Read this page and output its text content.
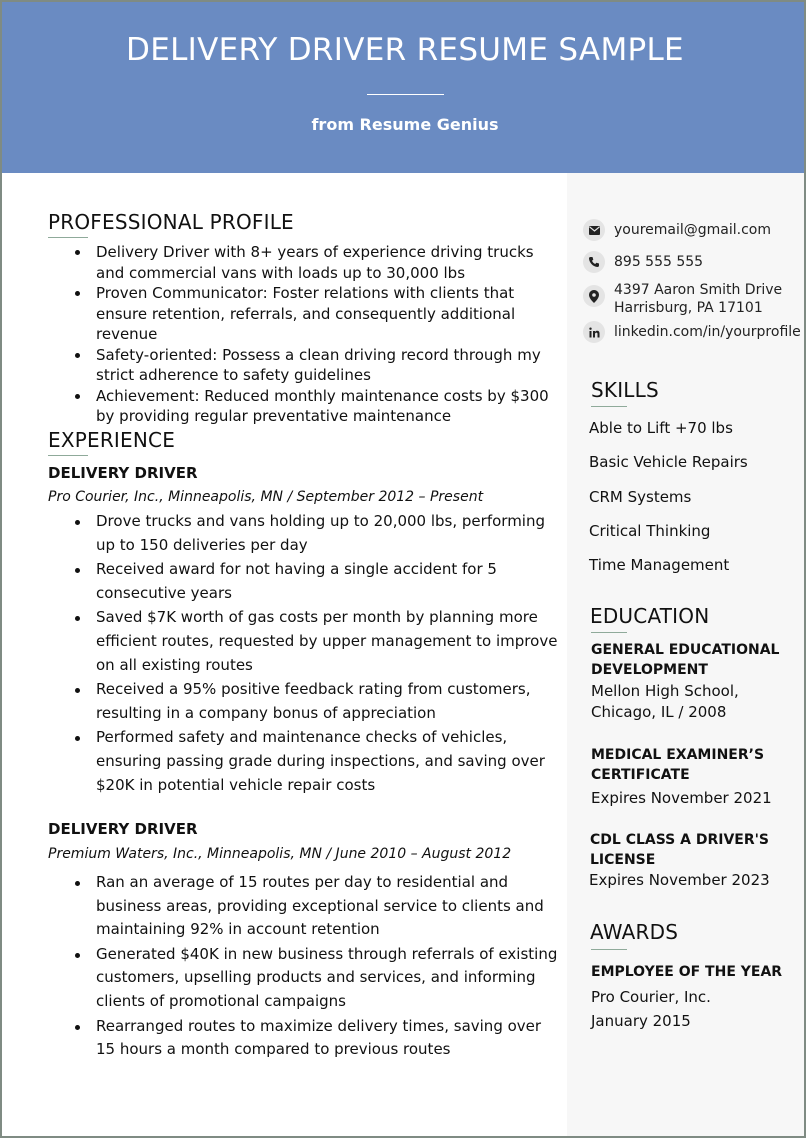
DELIVERY DRIVER RESUME SAMPLE
from Resume Genius
PROFESSIONAL PROFILE
Delivery Driver with 8+ years of experience driving trucks and commercial vans with loads up to 30,000 lbs
Proven Communicator: Foster relations with clients that ensure retention, referrals, and consequently additional revenue
Safety-oriented: Possess a clean driving record through my strict adherence to safety guidelines
Achievement: Reduced monthly maintenance costs by $300 by providing regular preventative maintenance
EXPERIENCE
DELIVERY DRIVER
Pro Courier, Inc., Minneapolis, MN / September 2012 – Present
Drove trucks and vans holding up to 20,000 lbs, performing up to 150 deliveries per day
Received award for not having a single accident for 5 consecutive years
Saved $7K worth of gas costs per month by planning more efficient routes, requested by upper management to improve on all existing routes
Received a 95% positive feedback rating from customers, resulting in a company bonus of appreciation
Performed safety and maintenance checks of vehicles, ensuring passing grade during inspections, and saving over $20K in potential vehicle repair costs
DELIVERY DRIVER
Premium Waters, Inc., Minneapolis, MN / June 2010 – August 2012
Ran an average of 15 routes per day to residential and business areas, providing exceptional service to clients and maintaining 92% in account retention
Generated $40K in new business through referrals of existing customers, upselling products and services, and informing clients of promotional campaigns
Rearranged routes to maximize delivery times, saving over 15 hours a month compared to previous routes
youremail@gmail.com
895 555 555
4397 Aaron Smith Drive
Harrisburg, PA 17101
linkedin.com/in/yourprofile
SKILLS
Able to Lift +70 lbs
Basic Vehicle Repairs
CRM Systems
Critical Thinking
Time Management
EDUCATION
GENERAL EDUCATIONAL
DEVELOPMENT
Mellon High School,
Chicago, IL / 2008
MEDICAL EXAMINER’S
CERTIFICATE
Expires November 2021
CDL CLASS A DRIVER'S
LICENSE
Expires November 2023
AWARDS
EMPLOYEE OF THE YEAR
Pro Courier, Inc.
January 2015
